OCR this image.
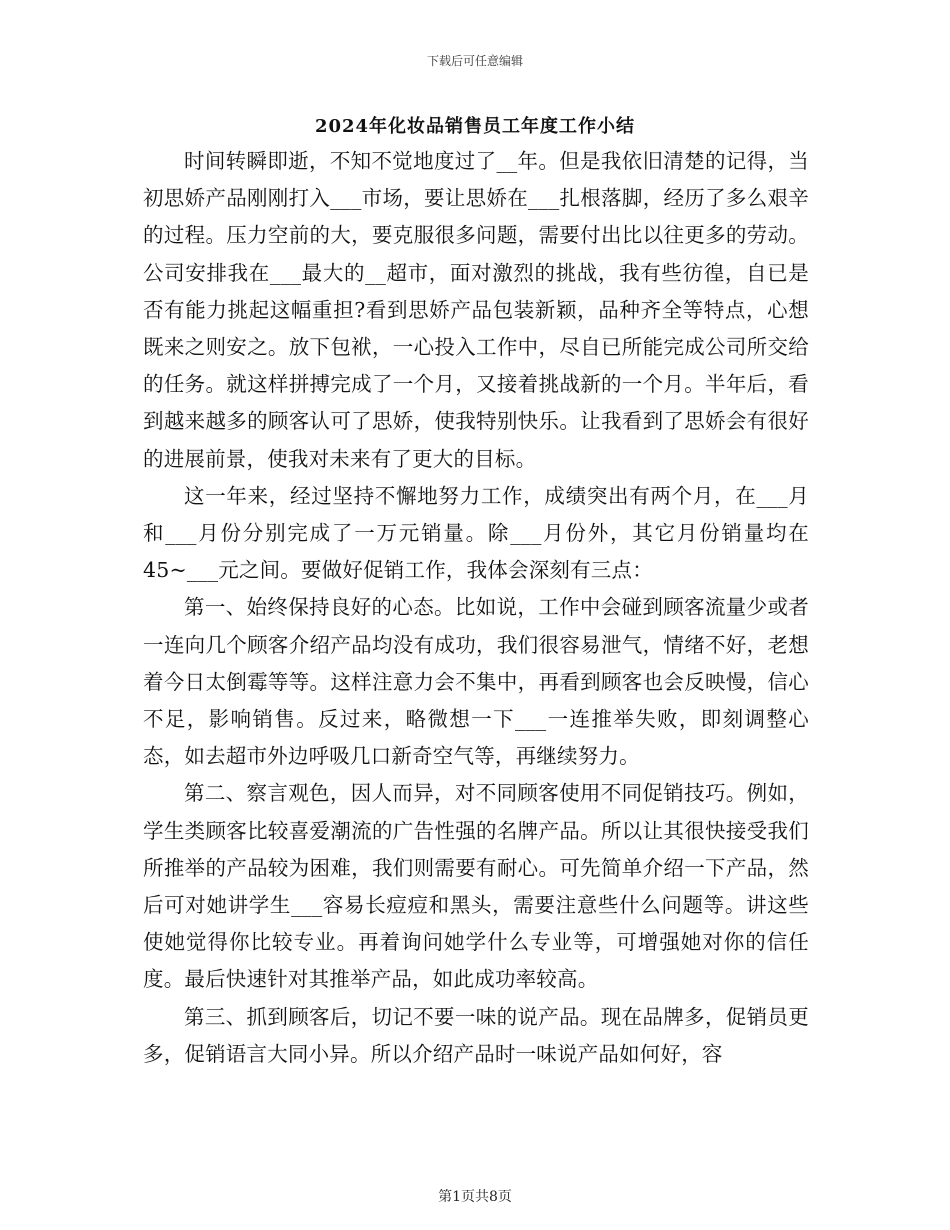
下载后可任意编辑
2024年化妆品销售员工年度工作小结

时间转瞬即逝，不知不觉地度过了__年。但是我依旧清楚的记得，当初思娇产品刚刚打入___市场，要让思娇在___扎根落脚，经历了多么艰辛的过程。压力空前的大，要克服很多问题，需要付出比以往更多的劳动。公司安排我在___最大的__超市，面对激烈的挑战，我有些彷徨，自已是否有能力挑起这幅重担?看到思娇产品包装新颖，品种齐全等特点，心想既来之则安之。放下包袱，一心投入工作中，尽自已所能完成公司所交给的任务。就这样拼搏完成了一个月，又接着挑战新的一个月。半年后，看到越来越多的顾客认可了思娇，使我特别快乐。让我看到了思娇会有很好的进展前景，使我对未来有了更大的目标。

这一年来，经过坚持不懈地努力工作，成绩突出有两个月，在___月和___月份分别完成了一万元销量。除___月份外，其它月份销量均在45~___元之间。要做好促销工作，我体会深刻有三点：

第一、始终保持良好的心态。比如说，工作中会碰到顾客流量少或者一连向几个顾客介绍产品均没有成功，我们很容易泄气，情绪不好，老想着今日太倒霉等等。这样注意力会不集中，再看到顾客也会反映慢，信心不足，影响销售。反过来，略微想一下___一连推举失败，即刻调整心态，如去超市外边呼吸几口新奇空气等，再继续努力。

第二、察言观色，因人而异，对不同顾客使用不同促销技巧。例如，学生类顾客比较喜爱潮流的广告性强的名牌产品。所以让其很快接受我们所推举的产品较为困难，我们则需要有耐心。可先简单介绍一下产品，然后可对她讲学生___容易长痘痘和黑头，需要注意些什么问题等。讲这些使她觉得你比较专业。再着询问她学什么专业等，可增强她对你的信任度。最后快速针对其推举产品，如此成功率较高。

第三、抓到顾客后，切记不要一味的说产品。现在品牌多，促销员更多，促销语言大同小异。所以介绍产品时一味说产品如何好，容

第1页共8页
